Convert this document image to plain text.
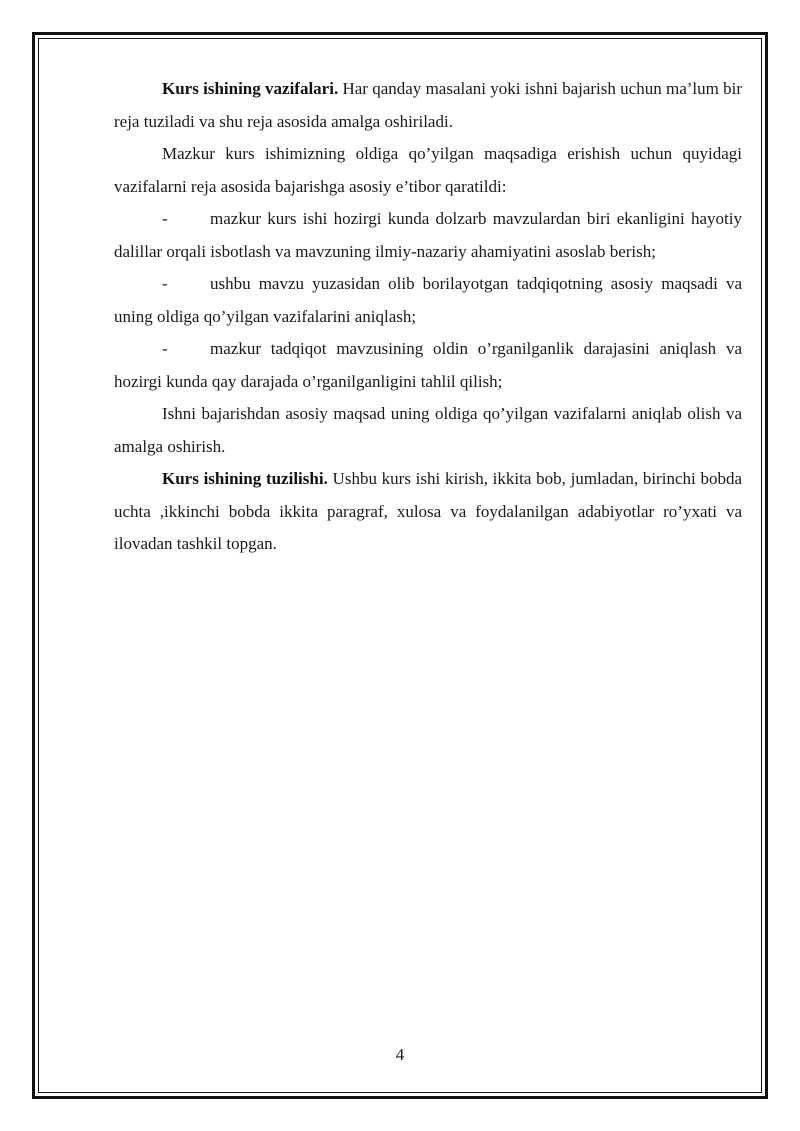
Kurs ishining vazifalari. Har qanday masalani yoki ishni bajarish uchun ma’lum bir reja tuziladi va shu reja asosida amalga oshiriladi.

Mazkur kurs ishimizning oldiga qo’yilgan maqsadiga erishish uchun quyidagi vazifalarni reja asosida bajarishga asosiy e’tibor qaratildi:

-	mazkur kurs ishi hozirgi kunda dolzarb mavzulardan biri ekanligini hayotiy dalillar orqali isbotlash va mavzuning ilmiy-nazariy ahamiyatini asoslab berish;

-	ushbu mavzu yuzasidan olib borilayotgan tadqiqotning asosiy maqsadi va uning oldiga qo’yilgan vazifalarini aniqlash;

-	mazkur tadqiqot mavzusining oldin o’rganilganlik darajasini aniqlash va hozirgi kunda qay darajada o’rganilganligini tahlil qilish;

Ishni bajarishdan asosiy maqsad uning oldiga qo’yilgan vazifalarni aniqlab olish va amalga oshirish.

Kurs ishining tuzilishi. Ushbu kurs ishi kirish, ikkita bob, jumladan, birinchi bobda uchta ,ikkinchi bobda ikkita paragraf, xulosa va foydalanilgan adabiyotlar ro’yxati va ilovadan tashkil topgan.

4
